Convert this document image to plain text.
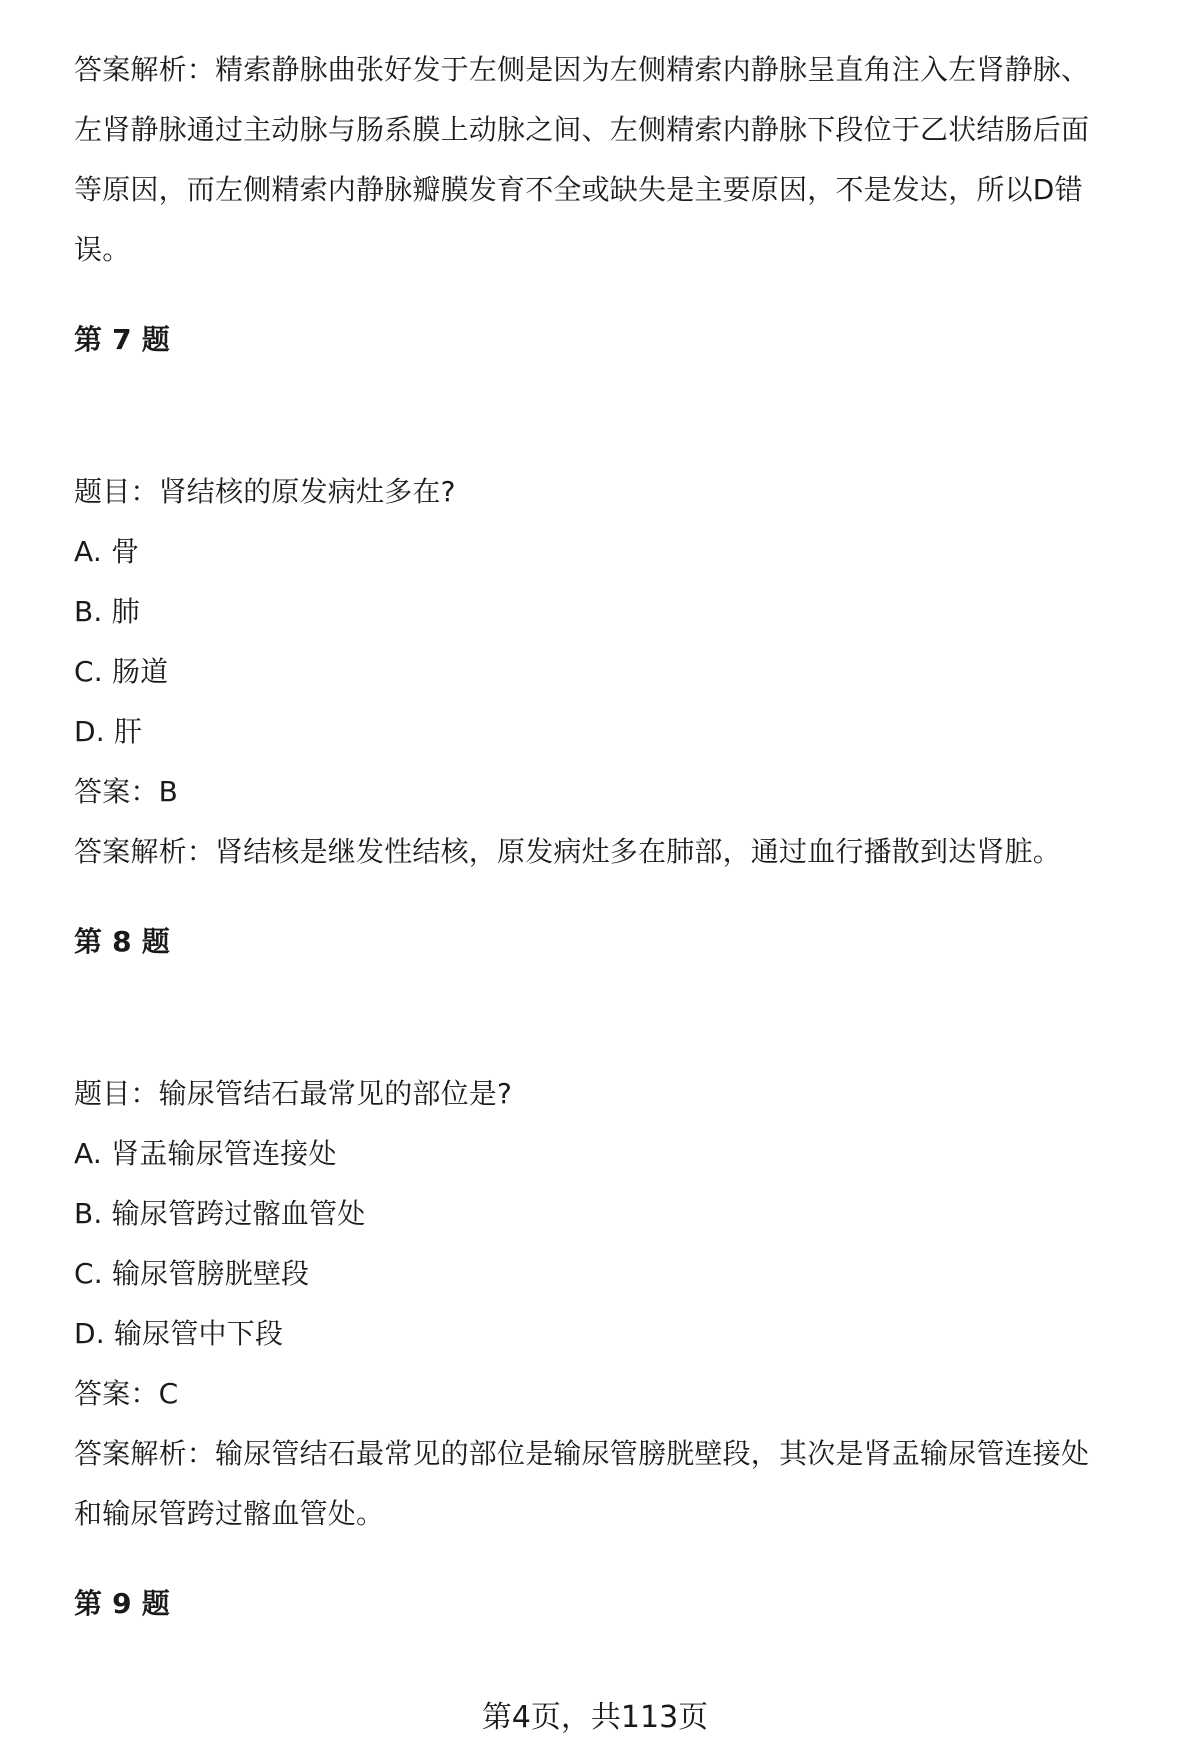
答案解析：精索静脉曲张好发于左侧是因为左侧精索内静脉呈直角注入左肾静脉、
左肾静脉通过主动脉与肠系膜上动脉之间、左侧精索内静脉下段位于乙状结肠后面
等原因，而左侧精索内静脉瓣膜发育不全或缺失是主要原因，不是发达，所以D错
误。
第 7 题
题目：肾结核的原发病灶多在?
A. 骨
B. 肺
C. 肠道
D. 肝
答案：B
答案解析：肾结核是继发性结核，原发病灶多在肺部，通过血行播散到达肾脏。
第 8 题
题目：输尿管结石最常见的部位是?
A. 肾盂输尿管连接处
B. 输尿管跨过髂血管处
C. 输尿管膀胱壁段
D. 输尿管中下段
答案：C
答案解析：输尿管结石最常见的部位是输尿管膀胱壁段，其次是肾盂输尿管连接处
和输尿管跨过髂血管处。
第 9 题
第4页，共113页
